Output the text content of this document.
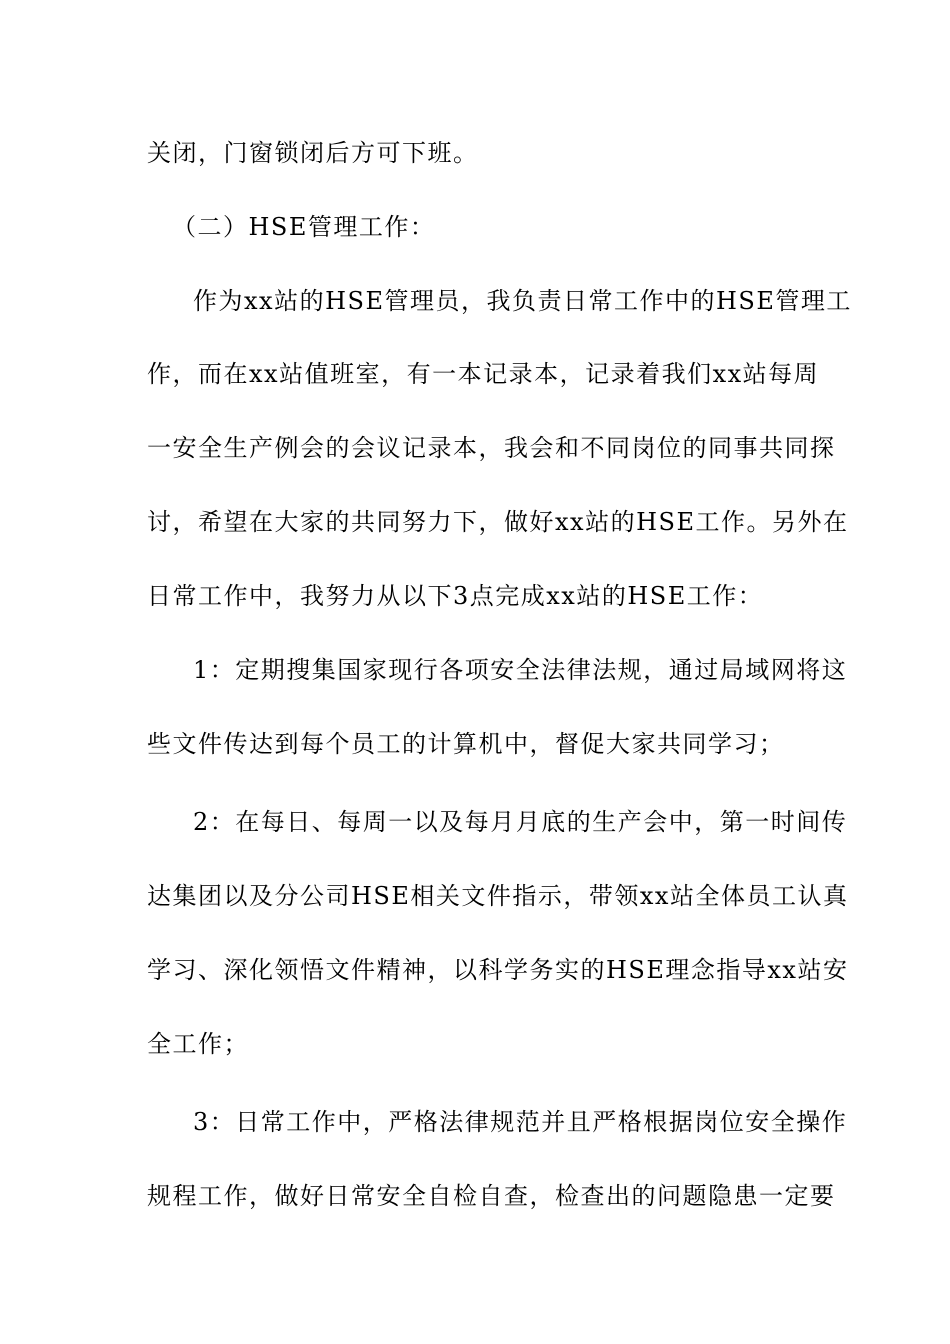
关闭，门窗锁闭后方可下班。
（二）HSE管理工作：
作为xx站的HSE管理员，我负责日常工作中的HSE管理工
作，而在xx站值班室，有一本记录本，记录着我们xx站每周
一安全生产例会的会议记录本，我会和不同岗位的同事共同探
讨，希望在大家的共同努力下，做好xx站的HSE工作。另外在
日常工作中，我努力从以下3点完成xx站的HSE工作：
1：定期搜集国家现行各项安全法律法规，通过局域网将这
些文件传达到每个员工的计算机中，督促大家共同学习；
2：在每日、每周一以及每月月底的生产会中，第一时间传
达集团以及分公司HSE相关文件指示，带领xx站全体员工认真
学习、深化领悟文件精神，以科学务实的HSE理念指导xx站安
全工作；
3：日常工作中，严格法律规范并且严格根据岗位安全操作
规程工作，做好日常安全自检自查，检查出的问题隐患一定要
